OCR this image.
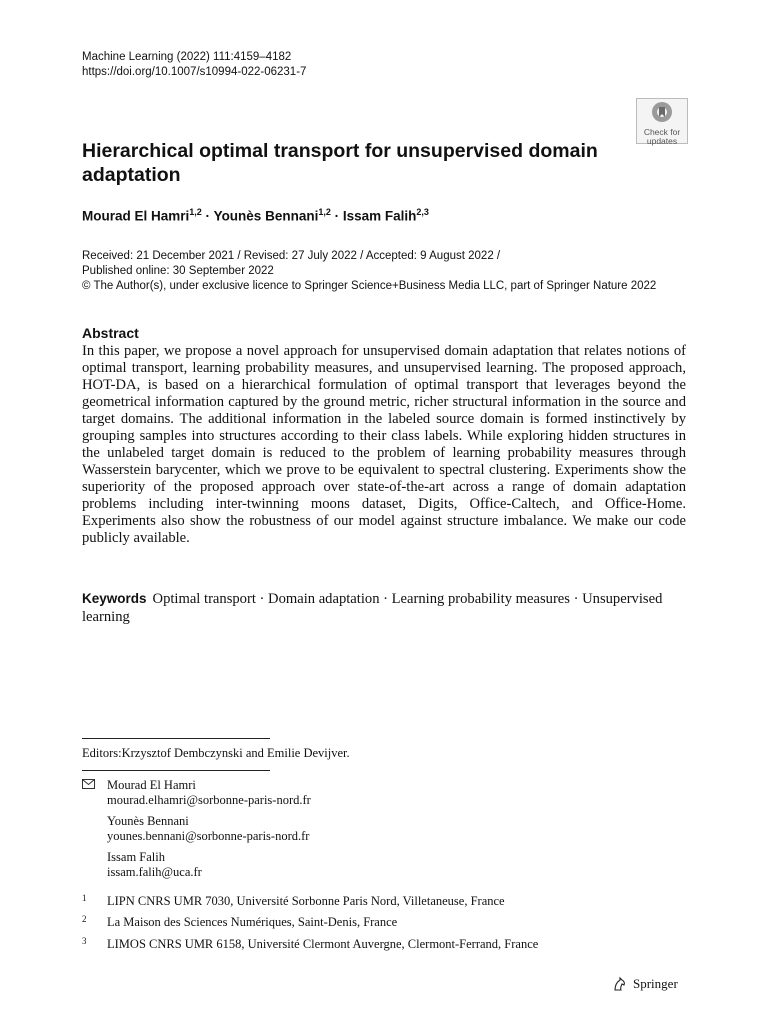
Machine Learning (2022) 111:4159–4182
https://doi.org/10.1007/s10994-022-06231-7
Check for
updates
Hierarchical optimal transport for unsupervised domain adaptation
Mourad El Hamri$^{1,2}$ · Younès Bennani$^{1,2}$ · Issam Falih$^{2,3}$
Received: 21 December 2021 / Revised: 27 July 2022 / Accepted: 9 August 2022 /
Published online: 30 September 2022
© The Author(s), under exclusive licence to Springer Science+Business Media LLC, part of Springer Nature 2022
Abstract
In this paper, we propose a novel approach for unsupervised domain adaptation that relates notions of optimal transport, learning probability measures, and unsupervised learning. The proposed approach, HOT-DA, is based on a hierarchical formulation of optimal transport that leverages beyond the geometrical information captured by the ground metric, richer structural information in the source and target domains. The additional information in the labeled source domain is formed instinctively by grouping samples into structures according to their class labels. While exploring hidden structures in the unlabeled target domain is reduced to the problem of learning probability measures through Wasserstein barycenter, which we prove to be equivalent to spectral clustering. Experiments show the superiority of the proposed approach over state-of-the-art across a range of domain adaptation problems including inter-twinning moons dataset, Digits, Office-Caltech, and Office-Home. Experiments also show the robustness of our model against structure imbalance. We make our code publicly available.
Keywords Optimal transport · Domain adaptation · Learning probability measures · Unsupervised learning
Editors:Krzysztof Dembczynski and Emilie Devijver.
Mourad El Hamri
mourad.elhamri@sorbonne-paris-nord.fr
Younès Bennani
younes.bennani@sorbonne-paris-nord.fr
Issam Falih
issam.falih@uca.fr
1 LIPN CNRS UMR 7030, Université Sorbonne Paris Nord, Villetaneuse, France
2 La Maison des Sciences Numériques, Saint-Denis, France
3 LIMOS CNRS UMR 6158, Université Clermont Auvergne, Clermont-Ferrand, France
Springer
